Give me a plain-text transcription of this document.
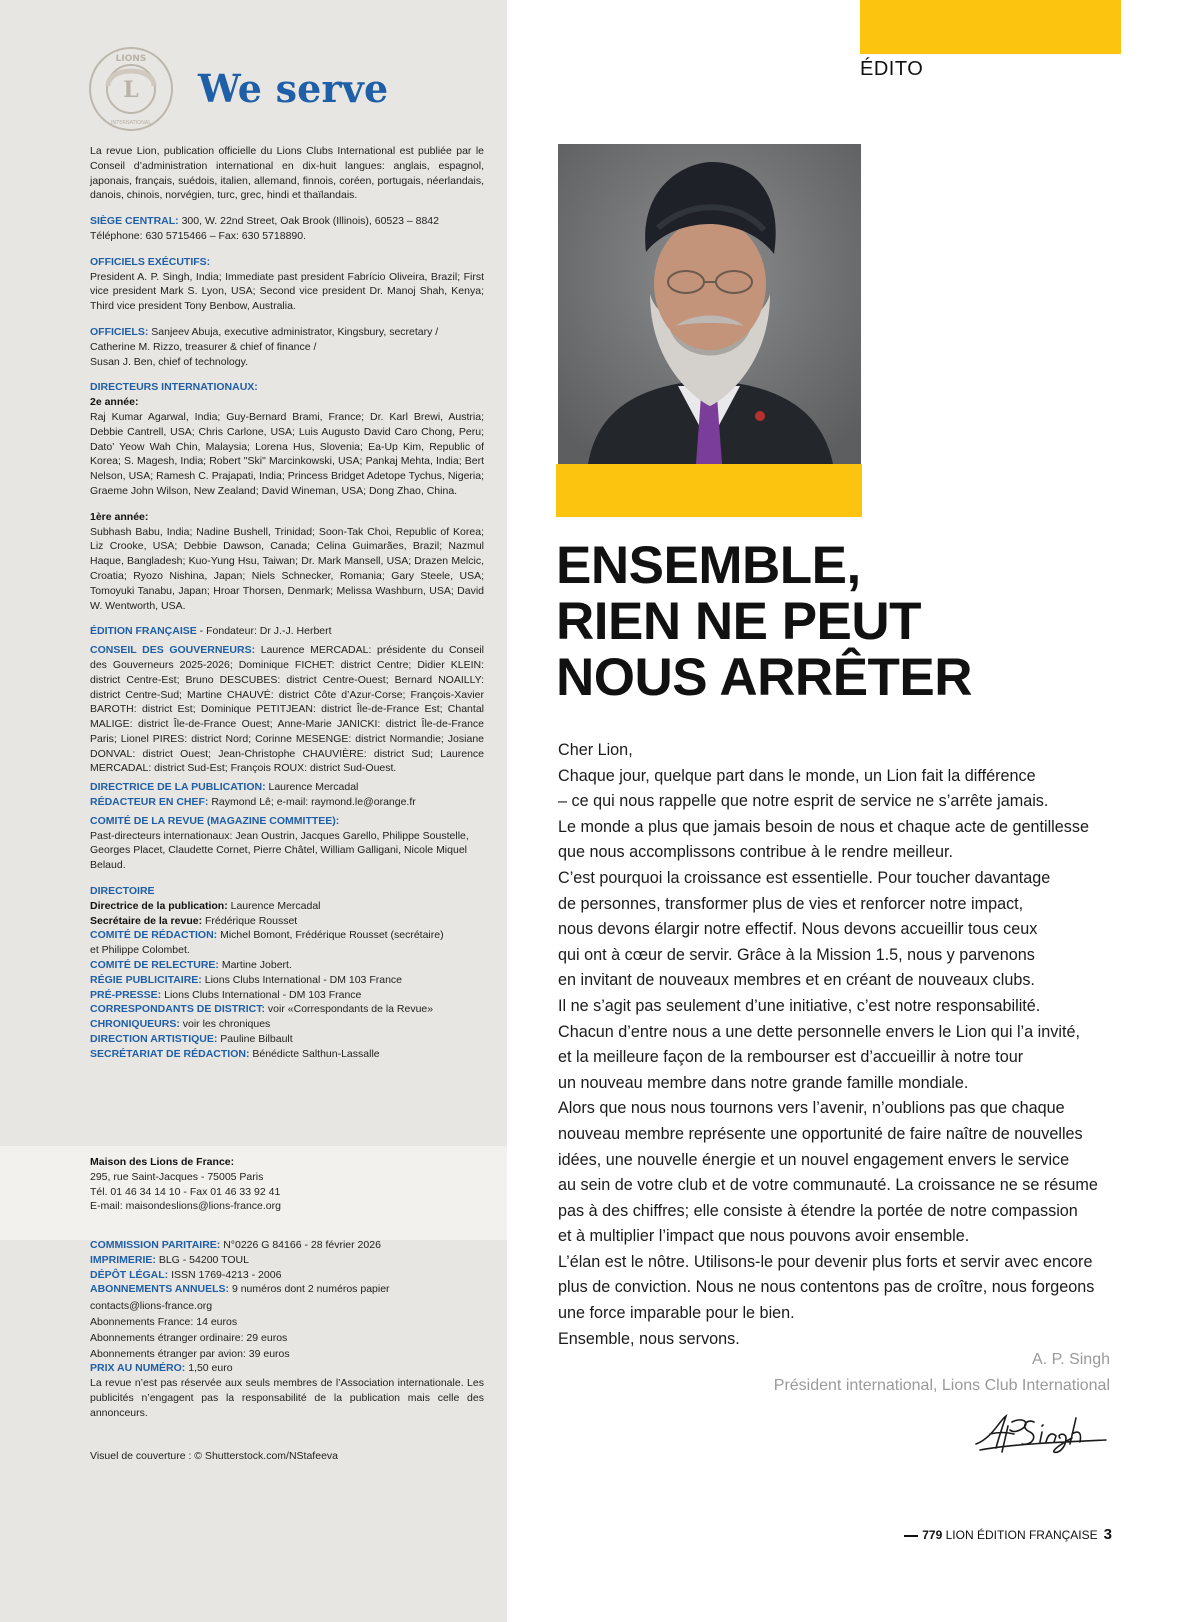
LIONS
L
INTERNATIONAL
We serve

La revue Lion, publication officielle du Lions Clubs International est publiée par le Conseil d’administration international en dix-huit langues: anglais, espagnol, japonais, français, suédois, italien, allemand, finnois, coréen, portugais, néerlandais, danois, chinois, norvégien, turc, grec, hindi et thaïlandais.

SIÈGE CENTRAL: 300, W. 22nd Street, Oak Brook (Illinois), 60523 – 8842

Téléphone: 630 5715466 – Fax: 630 5718890.

OFFICIELS EXÉCUTIFS:

President A. P. Singh, India; Immediate past president Fabrício Oliveira, Brazil; First vice president Mark S. Lyon, USA; Second vice president Dr. Manoj Shah, Kenya; Third vice president Tony Benbow, Australia.

OFFICIELS: Sanjeev Abuja, executive administrator, Kingsbury, secretary /

Catherine M. Rizzo, treasurer & chief of finance /

Susan J. Ben, chief of technology.

DIRECTEURS INTERNATIONAUX:

2e année:

Raj Kumar Agarwal, India; Guy-Bernard Brami, France; Dr. Karl Brewi, Austria; Debbie Cantrell, USA; Chris Carlone, USA; Luis Augusto David Caro Chong, Peru; Dato’ Yeow Wah Chin, Malaysia; Lorena Hus, Slovenia; Ea-Up Kim, Republic of Korea; S. Magesh, India; Robert "Ski" Marcinkowski, USA; Pankaj Mehta, India; Bert Nelson, USA; Ramesh C. Prajapati, India; Princess Bridget Adetope Tychus, Nigeria; Graeme John Wilson, New Zealand; David Wineman, USA; Dong Zhao, China.

1ère année:

Subhash Babu, India; Nadine Bushell, Trinidad; Soon-Tak Choi, Republic of Korea; Liz Crooke, USA; Debbie Dawson, Canada; Celina Guimarães, Brazil; Nazmul Haque, Bangladesh; Kuo-Yung Hsu, Taiwan; Dr. Mark Mansell, USA; Drazen Melcic, Croatia; Ryozo Nishina, Japan; Niels Schnecker, Romania; Gary Steele, USA; Tomoyuki Tanabu, Japan; Hroar Thorsen, Denmark; Melissa Washburn, USA; David W. Wentworth, USA.

ÉDITION FRANÇAISE - Fondateur: Dr J.-J. Herbert

CONSEIL DES GOUVERNEURS: Laurence MERCADAL: présidente du Conseil des Gouverneurs 2025-2026; Dominique FICHET: district Centre; Didier KLEIN: district Centre-Est; Bruno DESCUBES: district Centre-Ouest; Bernard NOAILLY: district Centre-Sud; Martine CHAUVÉ: district Côte d’Azur-Corse; François-Xavier BAROTH: district Est; Dominique PETITJEAN: district Île-de-France Est; Chantal MALIGE: district Île-de-France Ouest; Anne-Marie JANICKI: district Île-de-France Paris; Lionel PIRES: district Nord; Corinne MESENGE: district Normandie; Josiane DONVAL: district Ouest; Jean-Christophe CHAUVIÈRE: district Sud; Laurence MERCADAL: district Sud-Est; François ROUX: district Sud-Ouest.

DIRECTRICE DE LA PUBLICATION: Laurence Mercadal

RÉDACTEUR EN CHEF: Raymond Lê; e-mail: raymond.le@orange.fr

COMITÉ DE LA REVUE (MAGAZINE COMMITTEE):

Past-directeurs internationaux: Jean Oustrin, Jacques Garello, Philippe Soustelle, Georges Placet, Claudette Cornet, Pierre Châtel, William Galligani, Nicole Miquel Belaud.

DIRECTOIRE

Directrice de la publication: Laurence Mercadal

Secrétaire de la revue: Frédérique Rousset

COMITÉ DE RÉDACTION: Michel Bomont, Frédérique Rousset (secrétaire)

et Philippe Colombet.

COMITÉ DE RELECTURE: Martine Jobert.

RÉGIE PUBLICITAIRE: Lions Clubs International - DM 103 France

PRÉ-PRESSE: Lions Clubs International - DM 103 France

CORRESPONDANTS DE DISTRICT: voir «Correspondants de la Revue»

CHRONIQUEURS: voir les chroniques

DIRECTION ARTISTIQUE: Pauline Bilbault

SECRÉTARIAT DE RÉDACTION: Bénédicte Salthun-Lassalle

Maison des Lions de France:

295, rue Saint-Jacques - 75005 Paris

Tél. 01 46 34 14 10 - Fax 01 46 33 92 41

E-mail: maisondeslions@lions-france.org

COMMISSION PARITAIRE: N°0226 G 84166 - 28 février 2026

IMPRIMERIE: BLG - 54200 TOUL

DÉPÔT LÉGAL: ISSN 1769-4213 - 2006

ABONNEMENTS ANNUELS: 9 numéros dont 2 numéros papier

contacts@lions-france.org

Abonnements France: 14 euros

Abonnements étranger ordinaire: 29 euros

Abonnements étranger par avion: 39 euros

PRIX AU NUMÉRO: 1,50 euro

La revue n’est pas réservée aux seuls membres de l’Association internationale. Les publicités n’engagent pas la responsabilité de la publication mais celle des annonceurs.

Visuel de couverture : © Shutterstock.com/NStafeeva
ÉDITO
ENSEMBLE,
RIEN NE PEUT
NOUS ARRÊTER
Cher Lion,
Chaque jour, quelque part dans le monde, un Lion fait la différence
– ce qui nous rappelle que notre esprit de service ne s’arrête jamais.
Le monde a plus que jamais besoin de nous et chaque acte de gentillesse
que nous accomplissons contribue à le rendre meilleur.
C’est pourquoi la croissance est essentielle. Pour toucher davantage
de personnes, transformer plus de vies et renforcer notre impact,
nous devons élargir notre effectif. Nous devons accueillir tous ceux
qui ont à cœur de servir. Grâce à la Mission 1.5, nous y parvenons
en invitant de nouveaux membres et en créant de nouveaux clubs.
Il ne s’agit pas seulement d’une initiative, c’est notre responsabilité.
Chacun d’entre nous a une dette personnelle envers le Lion qui l’a invité,
et la meilleure façon de la rembourser est d’accueillir à notre tour
un nouveau membre dans notre grande famille mondiale.
Alors que nous nous tournons vers l’avenir, n’oublions pas que chaque
nouveau membre représente une opportunité de faire naître de nouvelles
idées, une nouvelle énergie et un nouvel engagement envers le service
au sein de votre club et de votre communauté. La croissance ne se résume
pas à des chiffres; elle consiste à étendre la portée de notre compassion
et à multiplier l’impact que nous pouvons avoir ensemble.
L’élan est le nôtre. Utilisons-le pour devenir plus forts et servir avec encore
plus de conviction. Nous ne nous contentons pas de croître, nous forgeons
une force imparable pour le bien.
Ensemble, nous servons.
A. P. Singh
Président international, Lions Club International
779 LION ÉDITION FRANÇAISE 3
